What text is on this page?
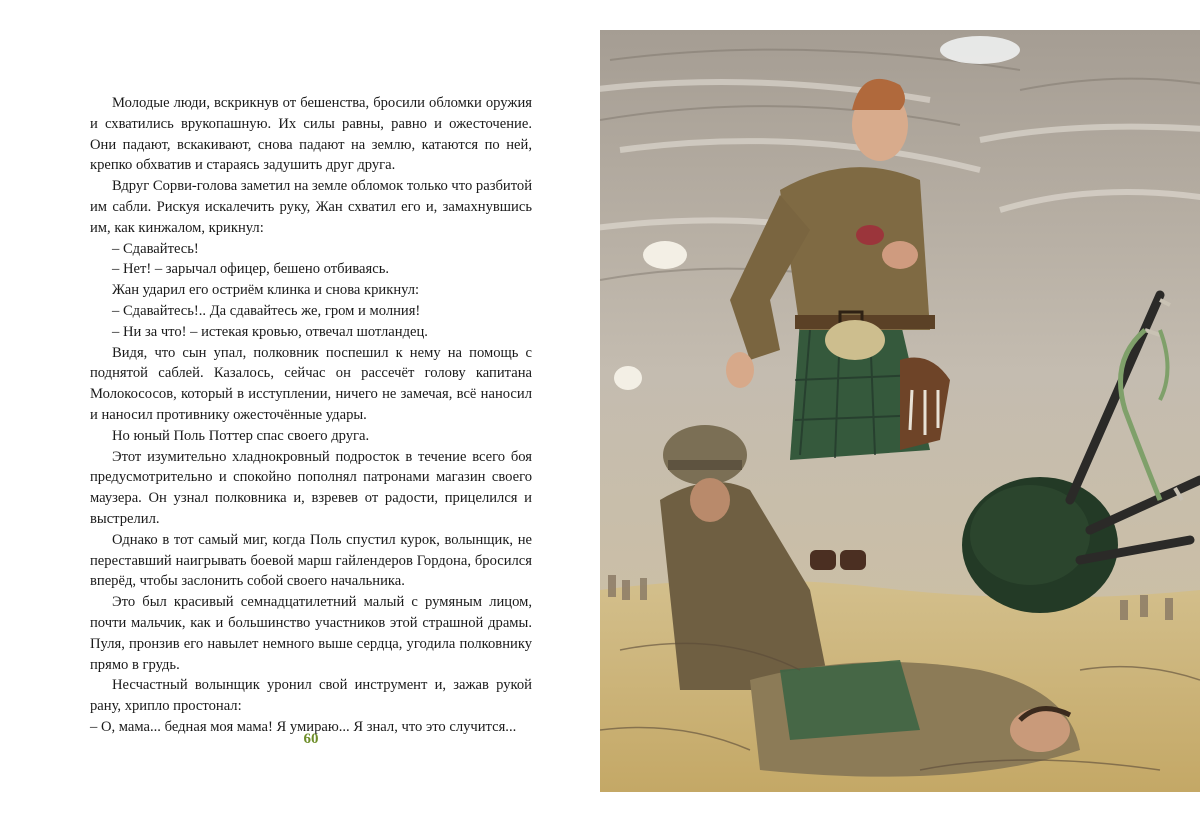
Молодые люди, вскрикнув от бешенства, бросили обломки оружия и схватились врукопашную. Их силы равны, равно и ожесточение. Они падают, вскакивают, снова падают на землю, катаются по ней, крепко обхватив и стараясь задушить друг друга.

Вдруг Сорви-голова заметил на земле обломок только что разбитой им сабли. Рискуя искалечить руку, Жан схватил его и, замахнувшись им, как кинжалом, крикнул:

– Сдавайтесь!

– Нет! – зарычал офицер, бешено отбиваясь.

Жан ударил его остриём клинка и снова крикнул:

– Сдавайтесь!.. Да сдавайтесь же, гром и молния!

– Ни за что! – истекая кровью, отвечал шотландец.

Видя, что сын упал, полковник поспешил к нему на помощь с поднятой саблей. Казалось, сейчас он рассечёт голову капитана Молокососов, который в исступлении, ничего не замечая, всё наносил и наносил противнику ожесточённые удары.

Но юный Поль Поттер спас своего друга.

Этот изумительно хладнокровный подросток в течение всего боя предусмотрительно и спокойно пополнял патронами магазин своего маузера. Он узнал полковника и, взревев от радости, прицелился и выстрелил.

Однако в тот самый миг, когда Поль спустил курок, волынщик, не переставший наигрывать боевой марш гайлендеров Гордона, бросился вперёд, чтобы заслонить собой своего начальника.

Это был красивый семнадцатилетний малый с румяным лицом, почти мальчик, как и большинство участников этой страшной драмы. Пуля, пронзив его навылет немного выше сердца, угодила полковнику прямо в грудь.

Несчастный волынщик уронил свой инструмент и, зажав рукой рану, хрипло простонал:

– О, мама... бедная моя мама! Я умираю... Я знал, что это случится...

60
